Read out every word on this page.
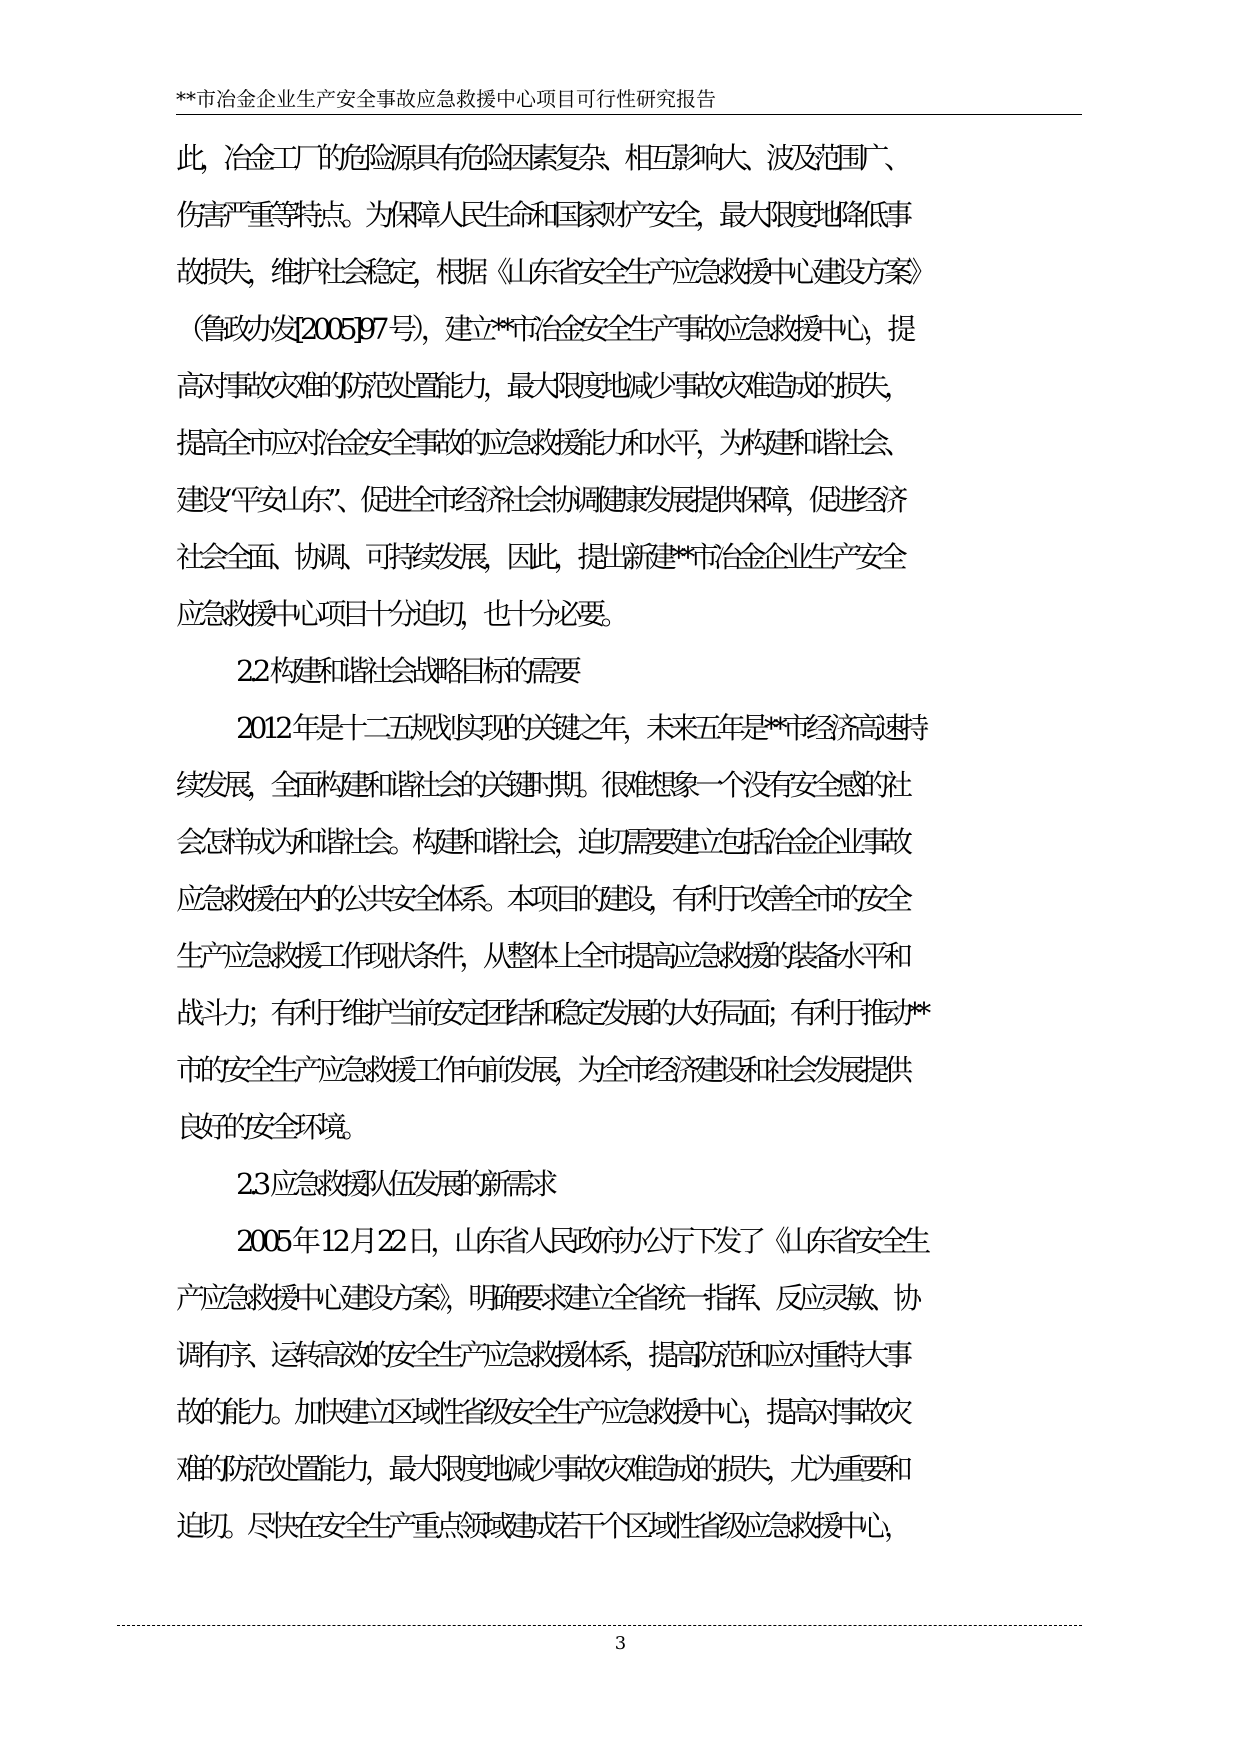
**市冶金企业生产安全事故应急救援中心项目可行性研究报告
此，冶金工厂的危险源具有危险因素复杂、相互影响大、波及范围广、
伤害严重等特点。为保障人民生命和国家财产安全，最大限度地降低事
故损失，维护社会稳定，根据《山东省安全生产应急救援中心建设方案》
（鲁政办发[2005]97 号），建立**市冶金安全生产事故应急救援中心，提
高对事故灾难的防范处置能力，最大限度地减少事故灾难造成的损失，
提高全市应对冶金安全事故的应急救援能力和水平，为构建和谐社会、
建设“平安山东”、促进全市经济社会协调健康发展提供保障，促进经济
社会全面、协调、可持续发展，因此，提出新建**市冶金企业生产安全
应急救援中心项目十分迫切，也十分必要。
2.2 构建和谐社会战略目标的需要
2012 年是十二五规划实现的关键之年，未来五年是**市经济高速持
续发展，全面构建和谐社会的关键时期。很难想象一个没有安全感的社
会怎样成为和谐社会。构建和谐社会，迫切需要建立包括冶金企业事故
应急救援在内的公共安全体系。本项目的建设，有利于改善全市的安全
生产应急救援工作现状条件，从整体上全市提高应急救援的装备水平和
战斗力；有利于维护当前安定团结和稳定发展的大好局面；有利于推动**
市的安全生产应急救援工作向前发展，为全市经济建设和社会发展提供
良好的安全环境。
2.3 应急救援队伍发展的新需求
2005 年 12 月 22 日，山东省人民政府办公厅下发了《山东省安全生
产应急救援中心建设方案》，明确要求建立全省统一指挥、反应灵敏、协
调有序、运转高效的安全生产应急救援体系，提高防范和应对重特大事
故的能力。加快建立区域性省级安全生产应急救援中心，提高对事故灾
难的防范处置能力，最大限度地减少事故灾难造成的损失，尤为重要和
迫切。尽快在安全生产重点领域建成若干个区域性省级应急救援中心，
3
